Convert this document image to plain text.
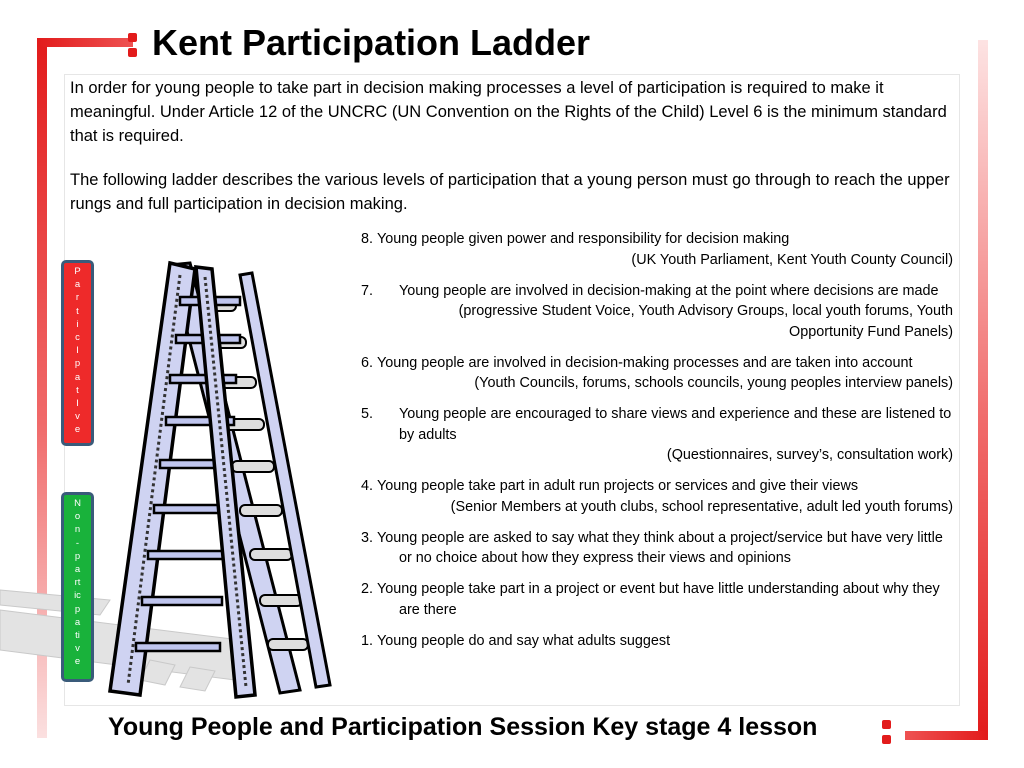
Kent Participation Ladder

In order for young people to take part in decision making processes a level of participation is required to make it meaningful. Under Article 12 of the UNCRC (UN Convention on the Rights of the Child) Level 6 is the minimum standard that is required.

The following ladder describes the various levels of participation that a young person must go through to reach the upper rungs and full participation in decision making.

P
a
r
t
i
c
I
p
a
t
I
v
e
N
o
n
-
p
a
rt
ic
p
a
ti
v
e
8. Young people given power and responsibility for decision making
(UK Youth Parliament, Kent Youth County Council)
7. Young people are involved in decision-making at the point where decisions are made
(progressive Student Voice, Youth Advisory Groups, local youth forums, Youth Opportunity Fund Panels)
6. Young people are involved in decision-making processes and are taken into account
(Youth Councils, forums, schools councils, young peoples interview panels)
5. Young people are encouraged to share views and experience and these are listened to by adults
(Questionnaires, survey’s, consultation work)
4. Young people take part in adult run projects or services and give their views
(Senior Members at youth clubs, school representative, adult led youth forums)
3. Young people are asked to say what they think about a project/service but have very little or no choice about how they express their views and opinions
2. Young people take part in a project or event but have little understanding about why they are there
1. Young people do and say what adults suggest
Young People and Participation Session Key stage 4 lesson
